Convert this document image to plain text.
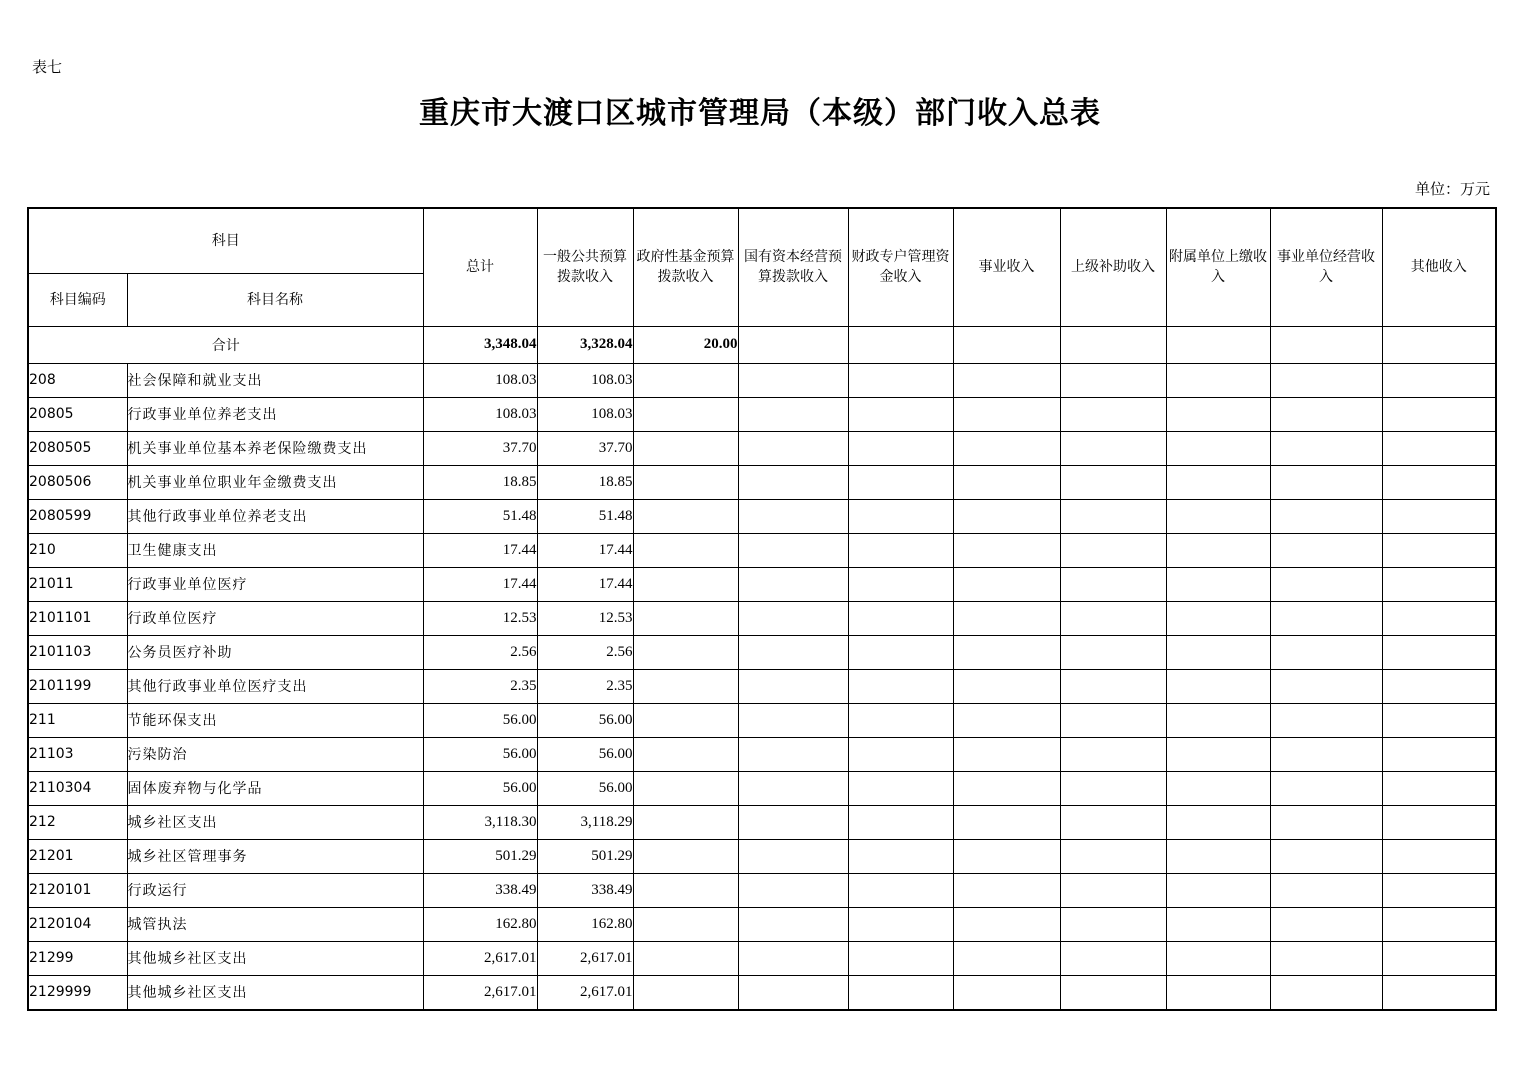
表七
重庆市大渡口区城市管理局（本级）部门收入总表
单位：万元
科目		总计	一般公共预算拨款收入	政府性基金预算拨款收入	国有资本经营预算拨款收入	财政专户管理资金收入	事业收入	上级补助收入	附属单位上缴收入	事业单位经营收入	其他收入
科目编码	科目名称										
合计		3,348.04	3,328.04	20.00							
208	社会保障和就业支出	108.03	108.03								
20805	行政事业单位养老支出	108.03	108.03								
2080505	机关事业单位基本养老保险缴费支出	37.70	37.70								
2080506	机关事业单位职业年金缴费支出	18.85	18.85								
2080599	其他行政事业单位养老支出	51.48	51.48								
210	卫生健康支出	17.44	17.44								
21011	行政事业单位医疗	17.44	17.44								
2101101	行政单位医疗	12.53	12.53								
2101103	公务员医疗补助	2.56	2.56								
2101199	其他行政事业单位医疗支出	2.35	2.35								
211	节能环保支出	56.00	56.00								
21103	污染防治	56.00	56.00								
2110304	固体废弃物与化学品	56.00	56.00								
212	城乡社区支出	3,118.30	3,118.29								
21201	城乡社区管理事务	501.29	501.29								
2120101	行政运行	338.49	338.49								
2120104	城管执法	162.80	162.80								
21299	其他城乡社区支出	2,617.01	2,617.01								
2129999	其他城乡社区支出	2,617.01	2,617.01								
